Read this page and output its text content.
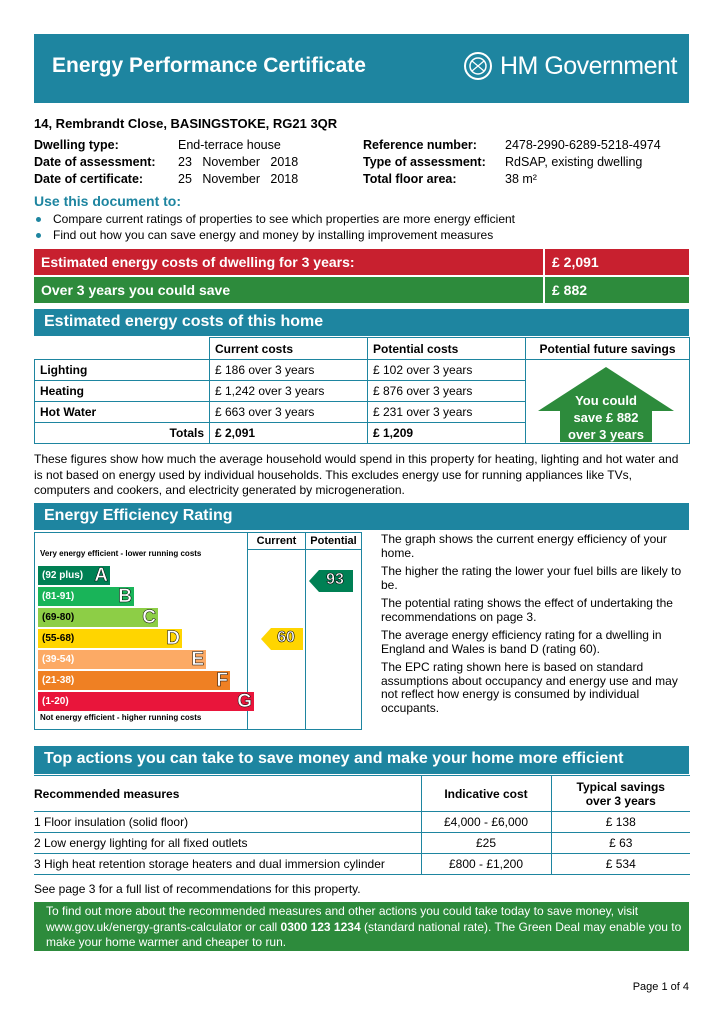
Energy Performance Certificate	HM Government
14, Rembrandt Close, BASINGSTOKE, RG21 3QR
Dwelling type:	End-terrace house
Date of assessment: 23   November   2018
Date of certificate:	25   November   2018
Reference number: 2478-2990-6289-5218-4974
Type of assessment: RdSAP, existing dwelling
Total floor area:	38 m²
Use this document to:
Compare current ratings of properties to see which properties are more energy efficient
Find out how you can save energy and money by installing improvement measures
Estimated energy costs of dwelling for 3 years:	£ 2,091
Over 3 years you could save	£ 882
Estimated energy costs of this home
	Current costs	Potential costs	Potential future savings
Lighting	£ 186 over 3 years	£ 102 over 3 years	You could
save £ 882
over 3 years

Heating	£ 1,242 over 3 years	£ 876 over 3 years	
Hot Water	£ 663 over 3 years	£ 231 over 3 years	
Totals	£ 2,091	£ 1,209	
These figures show how much the average household would spend in this property for heating, lighting and hot water and is not based on energy used by individual households. This excludes energy use for running appliances like TVs, computers and cookers, and electricity generated by microgeneration.
Energy Efficiency Rating
Current	Potential
Very energy efficient - lower running costs
Not energy efficient - higher running costs
(92 plus) A
(81-91) B
(69-80)	C
(55-68)	D
(39-54)	E
(21-38)	F
(1-20)	G
60
93
The graph shows the current energy efficiency of your home.
The higher the rating the lower your fuel bills are likely to be.
The potential rating shows the effect of undertaking the recommendations on page 3.
The average energy efficiency rating for a dwelling in England and Wales is band D (rating 60).
The EPC rating shown here is based on standard assumptions about occupancy and energy use and may not reflect how energy is consumed by individual occupants.
Top actions you can take to save money and make your home more efficient
Recommended measures	Indicative cost	Typical savings
over 3 years

1 Floor insulation (solid floor)	£4,000 - £6,000	£ 138
2 Low energy lighting for all fixed outlets	£25	£ 63
3 High heat retention storage heaters and dual immersion cylinder	£800 - £1,200	£ 534
See page 3 for a full list of recommendations for this property.
To find out more about the recommended measures and other actions you could take today to save money, visit www.gov.uk/energy-grants-calculator or call 0300 123 1234 (standard national rate). The Green Deal may enable you to make your home warmer and cheaper to run.
Page 1 of 4
